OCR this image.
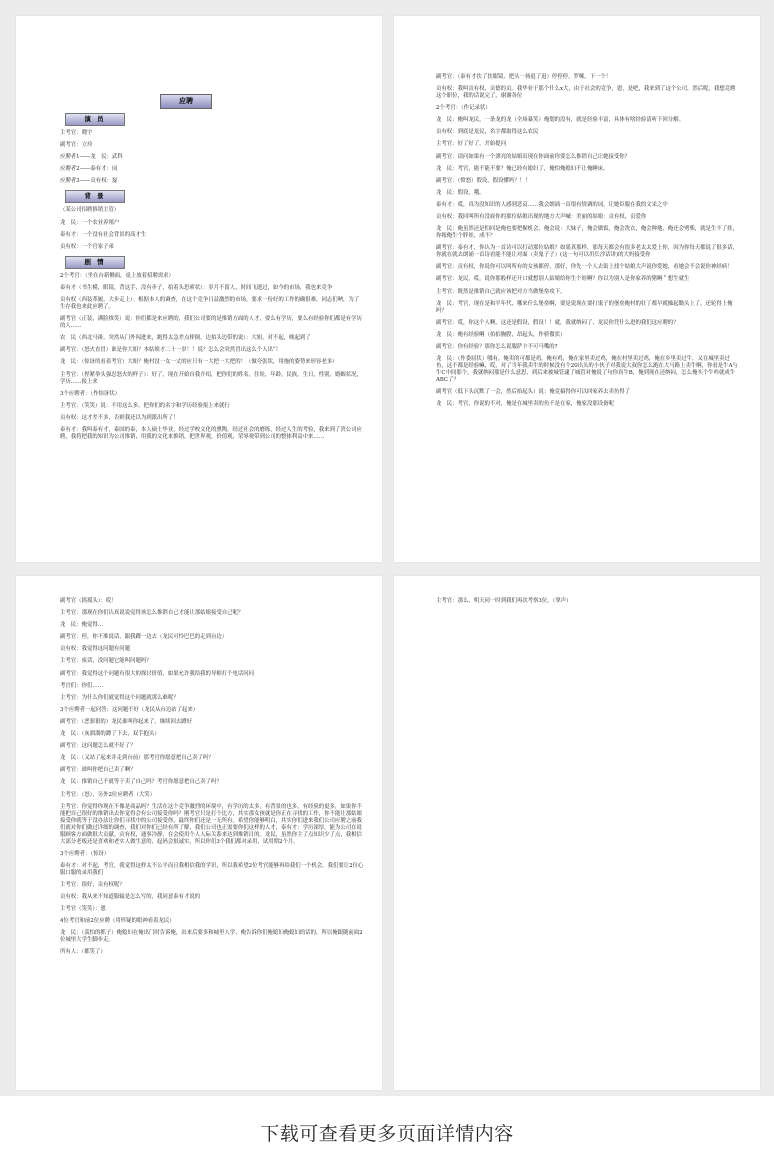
应聘
演 员

主考官：晓宇

副考官：立玲

应聘者1——龙　民：武科

应聘者2——泰有才：闵

应聘者3——贡有权：磊

背 景

（某公司招聘推销主管）

龙　民：一个农业养殖户

泰有才：一个没有社会背景的高才生

贡有权：一个官家子弟

剧 情

2个考官：（坐在台新侧面，桌上放着招聘需求）

泰有才（书生模，眼镜，背这手，没有步子，拍着头思索状）：岁月不留人，时间飞逝过，如今的市场，我也来竞争

贡有权（西装革履，大步走上）：根据本人的调查，在这个竞争日益激烈的市场，要求一份好的工作的确很难，同志们呐，为了生存我也来此应聘了。

副考官（正装，满脸推笑）说：你们都是来应聘的，我们公司要的是推销方面的人才，要么有学历，要么有经验你们都是有学历的人……

农　民（西北马褂，突然从门外闯进来，跑得太急差点摔倒，边拍头边带的说）：大姐，对不起，晚起到了

副考官：（怒火直冒）谁是你大姐？本姑娘才二十一岁！！说？怎么会突然冒出这么个人出“！

龙　民：（惊讶的看着考官）大姐？俺村没一女一丈的应只有一大把一大把的！（做夸张状，用拖的姿势来形容老多）

主考官：（捏紧拳头强忍怒火的样子）：好了，现在开始自我介绍，把你们的姓名，住址，年龄，民族，生日，性别，婚姻状况，学历……报上来

3个应聘者：（作惊讶状）

主考官：（笑笑）说：不用这么多，把你们的名字和学历经验报上来就行

贡有权：这才差不多，否则我还以为到派出所了！

泰有才：我叫泰有才，泰国的泰，本人硕士毕业，经过学校文化的熏陶，经过社会的磨练，经过人生的考验，我来到了贵公司应聘，我将把我的知识为公司推销，用我的文化来推销，把世界观，价值观，荣辱观带到公司的整体利益中来……

副考官：（泰有才扶了扶眼镜，把头一扬退了退）停停停，罗嗦，下一个！

贡有权：我叫贡有权，贡德的贡。我毕业于那个什么x大，由于社会的竞争，恩，是吧，我来到了这个公司，然后呢，我想竞聘这个职位，我的话说完了，谢谢各位

2个考官：（作记录状）

龙　民：俺叫龙民，一条龙的龙（全场暴笑）俺划的没有，就是经验丰富，具体有啥经验请听下回分解。

贡有权：到底是龙民，名字都取得这么农民

主考官：好了好了，开始提问

副考官：请问如果有一个漂亮的姑娘出现在你面前你要怎么推销自己让她接受你？

龙　民：考官，能不能不要？俺已经有媳妇了，俺怕俺媳妇不让俺睡床。

副考官：（愤怒）假设，假设懂吗？！！

龙　民：假设，哦。

泰有才：哎，真为没知识的人感到悲哀……我会朗诵一首很有情调的词，让她臣服在我的文采之中

贡有权：我回叫所有没雇你的那位姑娘出现的地方大声喊：美丽的姑娘：贡有权，贡爱你

龙　民：俺虽然还是怕回是俺也要把握机会，俺会说：大妹子，俺会做饭，俺会洗衣，俺会种地，俺还会劈柴，就是生不了娃，你嫁俺生个胖娃，成不？

副考官：泰有才，你认为一首诗可以打动那位姑娘？如果真那样，那每天都会有很多老太太爱上你，因为你每天都说了很多话，你就在就去朗诵一首诗看能不能让对面（卖鬼子子）(这一句可以用长沙话讲)的大妈接受你

副考官：贡有权，你说你可以叫所有的女孩都停，那好，你先一个人去街上找个姑娘大声说你爱她，看她会不会说你神经病！

副考官：龙民，哎，说你那般样还开口就想别人姑娘给你生个娃啊？你以为别人是你家养的猪啊＂想生就生

主考官：既然是推销自己就应该把对方当做堡垒攻下。

龙　民：考官，现在是和平年代，哪来什么堡垒啊，要是说现在要打鬼子的堡垒俺村的壮丁都早就操起锄头上了，还轮得上俺吗？

副考官：哎，你这个人啊，这还是假设，假设！！就，我就纳闷了，龙民你凭什么进的我们这应聘的？

龙　民：俺有经验啊（拍拍胸膛，昂起头，作骄傲状）

副考官：你有经验？那你怎么说服萨卞不可马嘴的?

龙　民：（作委屈状）哪有，俺卖的可都是鸡，俺有鸡，俺在家里卖过鸡，俺在村里卖过鸡，俺在乡里卖过牛，又在城里卖过鱼，这不都是经验嘛，哎，对了当年我卖牛的时候没有个20出头的小伙子对我说大叔你怎么跑在大马路上卖牛啊，你看是牛A与牛C中间那个，我就纳闷那是什么意思，到后来被城管逮了城管对俺说了句你真牛B，俺到现在还纳闷，怎么俺买个牛咋就成牛ABC了？

副考官（低下头沉默了一会，然后抬起头）说：俺竟搞得你可以回家养去卖鱼得了

龙　民：考官，你说的不对，俺是在城里卖的鱼不是在家，俺家没那设备呢

副考官（摇摇头）：哎！

主考官：那现在你们认真说说觉得该怎么推销自己才能让那姑娘接受自己呢？

龙　民：俺觉得…

副考官：停，你不准说话，跟我蹲一边去（龙民可怜巴巴的走到台边）

贡有权：我觉得这问题有问题

主考官：废话，没问题它能叫问题吗？

副考官：我觉得这个问题有很大的探讨价值，如果允许我给我的导师打个电话问问

考官们：你们……

主考官：为什么你们就觉得这个问题就那么难呢？

3个应聘者一起问答：这问题不好（龙民从台边站了起来）

副考官：（恶狠狠的）龙民谁叫你起来了，继续回去蹲好

龙　民：（灰溜溜的蹲了下去，双手抱头）

副考官：这问题怎么就不好了？

龙　民：（又站了起来并走到台前）那考官你愿意把自己卖了吗？

副考官：谁叫你把自己卖了啊？

龙　民：推销自己不就等于卖了自己吗？考官你愿意把自己卖了吗？

主考官：（怒），另外2位应聘者（大笑）

主考官：你觉得你现在不像是商品吗？生活在这个竞争激烈的环境中，有学历的太多，有背景的也多，有经验的更多，如果你不能把自己很好的推销出去你觉得会有公司接受你吗？刚考官只是打个比方，其实那女孩就是你正在寻找的工作，你不能让那姑娘接受你就等于没办法让你们寻找中的公司接受你，最终你们还是一无所有。希望你能够明白，其实你们进来我们公司应聘之前我们就对你们做过详细的调查，我们对你们已经有所了解，我们公司也正需要你们这样的人才，泰有才：学历深厚，能为公司在说服顾客方面做很大贡献。贡有权，通事冷静，在会使用个人人际关系来达到推销目的。龙民，虽然你主了点知识少了点，我相信大部分老板还是喜欢和老实人做生意的，起码会很诚实，所以你们3个我们都对录用，试用期2个月。

3个应聘者：（惊讶）

泰有才：对不起，考官，我觉得这样太不公平而且我相信我的学识，所以我希望2位考官能够再给我们一个机会，我们要让2位心服口服的录用我们

主考官：很好，贡有权呢？

贡有权：我从来不知道服输是怎么写的，我同意泰有才说的

主考官（笑笑）：恩

4位考官和前2位应聘（用怀疑的眼神看着龙民）

龙　民：（羡怕的抓子）俺媳妇在俺出门时告诉俺，出来后要多和城里人学，俺告诉你们俺媳妇俺媳妇的话的，所以俺跟随前面2位城里大学生脚步走。

所有人：（都笑了）

主考官：那么，明天同一时到我们再次考察3位。（掌声）

下载可查看更多页面详情内容
